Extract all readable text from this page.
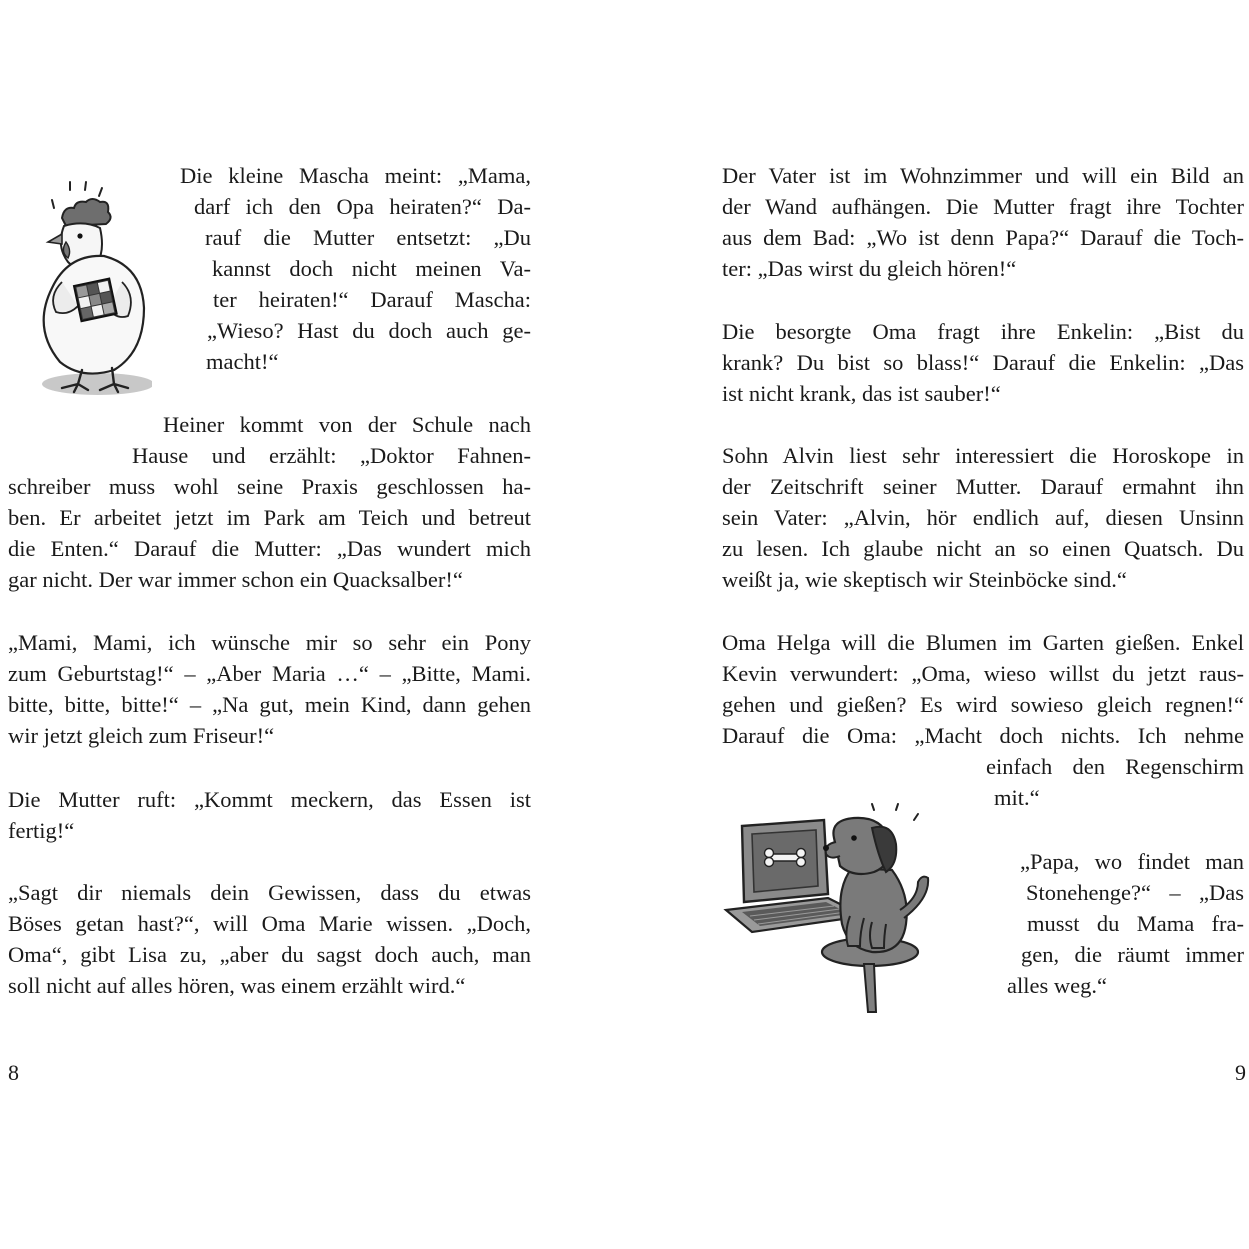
Die kleine Mascha meint: „Mama,
darf ich den Opa heiraten?“ Da-
rauf die Mutter entsetzt: „Du
kannst doch nicht meinen Va-
ter heiraten!“ Darauf Mascha:
„Wieso? Hast du doch auch ge-
macht!“
Heiner kommt von der Schule nach
Hause und erzählt: „Doktor Fahnen-
schreiber muss wohl seine Praxis geschlossen ha-
ben. Er arbeitet jetzt im Park am Teich und betreut
die Enten.“ Darauf die Mutter: „Das wundert mich
gar nicht. Der war immer schon ein Quacksalber!“
„Mami, Mami, ich wünsche mir so sehr ein Pony
zum Geburtstag!“ – „Aber Maria …“ – „Bitte, Mami.
bitte, bitte, bitte!“ – „Na gut, mein Kind, dann gehen
wir jetzt gleich zum Friseur!“
Die Mutter ruft: „Kommt meckern, das Essen ist
fertig!“
„Sagt dir niemals dein Gewissen, dass du etwas
Böses getan hast?“, will Oma Marie wissen. „Doch,
Oma“, gibt Lisa zu, „aber du sagst doch auch, man
soll nicht auf alles hören, was einem erzählt wird.“
8
Der Vater ist im Wohnzimmer und will ein Bild an
der Wand aufhängen. Die Mutter fragt ihre Tochter
aus dem Bad: „Wo ist denn Papa?“ Darauf die Toch-
ter: „Das wirst du gleich hören!“
Die besorgte Oma fragt ihre Enkelin: „Bist du
krank? Du bist so blass!“ Darauf die Enkelin: „Das
ist nicht krank, das ist sauber!“
Sohn Alvin liest sehr interessiert die Horoskope in
der Zeitschrift seiner Mutter. Darauf ermahnt ihn
sein Vater: „Alvin, hör endlich auf, diesen Unsinn
zu lesen. Ich glaube nicht an so einen Quatsch. Du
weißt ja, wie skeptisch wir Steinböcke sind.“
Oma Helga will die Blumen im Garten gießen. Enkel
Kevin verwundert: „Oma, wieso willst du jetzt raus-
gehen und gießen? Es wird sowieso gleich regnen!“
Darauf die Oma: „Macht doch nichts. Ich nehme
einfach den Regenschirm
mit.“
„Papa, wo findet man
Stonehenge?“ – „Das
musst du Mama fra-
gen, die räumt immer
alles weg.“
9
